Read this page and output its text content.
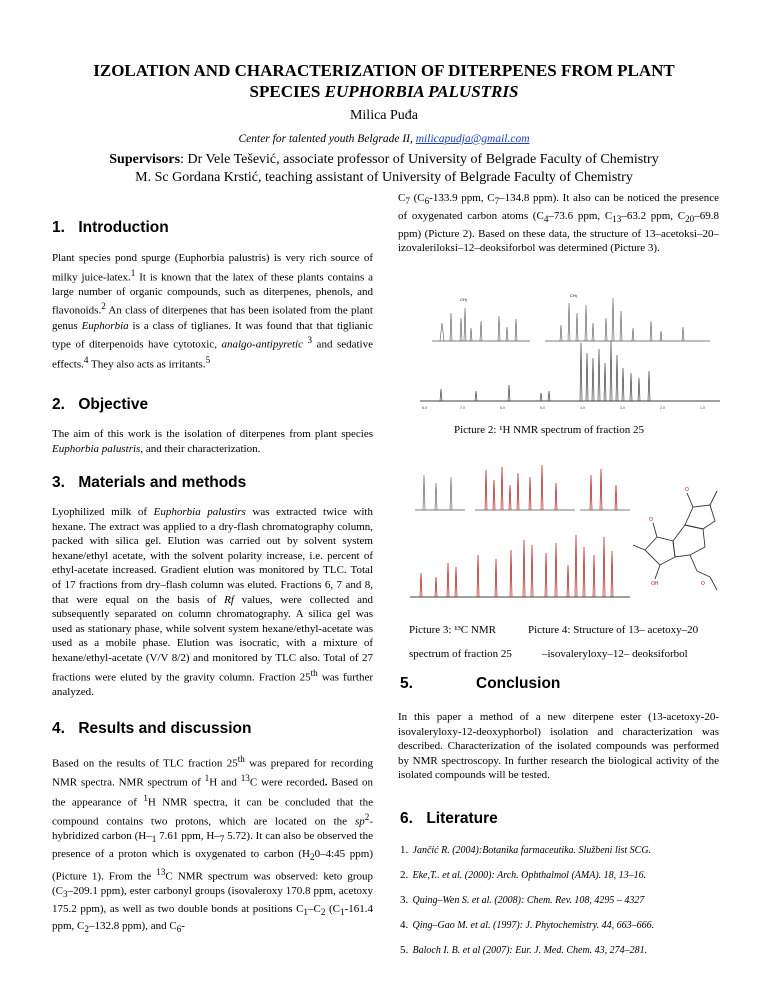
IZOLATION AND CHARACTERIZATION OF DITERPENES FROM PLANT
SPECIES EUPHORBIA PALUSTRIS
Milica Puđa
Center for talented youth Belgrade II, milicapudja@gmail.com
Supervisors: Dr Vele Tešević, associate professor of University of Belgrade Faculty of Chemistry
M. Sc Gordana Krstić, teaching assistant of University of Belgrade Faculty of Chemistry
1. Introduction

Plant species pond spurge (Euphorbia palustris) is very rich source of milky juice-latex.$^1$ It is known that the latex of these plants contains a large number of organic compounds, such as diterpenes, phenols, and flavonoids.$^2$ An class of diterpenes that has been isolated from the plant genus Euphorbia is a class of tiglianes. It was found that that tiglianic type of diterpenoids have cytotoxic, analgo-antipyretic $^3$ and sedative effects.$^4$ They also acts as irritants.$^5$

2. Objective

The aim of this work is the isolation of diterpenes from plant species Euphorbia palustris, and their characterization.

3. Materials and methods

Lyophilized milk of Euphorbia palustirs was extracted twice with hexane. The extract was applied to a dry-flash chromatography column, packed with silica gel. Elution was carried out by solvent system hexane/ethyl acetate, with the solvent polarity increase, i.e. percent of ethyl-acetate increased. Gradient elution was monitored by TLC. Total of 17 fractions from dry–flash column was eluted. Fractions 6, 7 and 8, that were equal on the basis of Rf values, were collected and subsequently separated on column chromatography. A silica gel was used as stationary phase, while solvent system hexane/ethyl-acetate was used as a mobile phase. Elution was isocratic, with a mixture of hexane/ethyl-acetate (V/V 8/2) and monitored by TLC also. Total of 27 fractions were eluted by the gravity column. Fraction 25th was further analyzed.

4. Results and discussion

Based on the results of TLC fraction 25th was prepared for recording NMR spectra. NMR spectrum of $^1$H and $^{13}$C were recorded. Based on the appearance of $^1$H NMR spectra, it can be concluded that the compound contains two protons, which are located on the $sp^2$-hybridized carbon ($H-_1$ 7.61 ppm, $H-_7$ 5.72). It can also be observed the presence of a proton which is oxygenated to carbon ($H_20-4:45$ ppm) (Picture 1). From the $^{13}$C NMR spectrum was observed: keto group ($C_3-209.1$ ppm), ester carbonyl groups (isovaleroxy 170.8 ppm, acetoxy 175.2 ppm), as well as two double bonds at positions $C_1-C_2$ ($C_1-161.4$ ppm, $C_2-132.8$ ppm), and $C_6-$

$C_7$ ($C_6-133.9$ ppm, $C_7-134.8$ ppm). It also can be noticed the presence of oxygenated carbon atoms ($C_4-73.6$ ppm, $C_{13}-63.2$ ppm, $C_{20}-69.8$ ppm) (Picture 2). Based on these data, the structure of 13–acetoksi–20–izovaleriloksi–12–deoksiforbol was determined (Picture 3).

CH₃
CH₃
8.0	7.0	6.0	5.0	4.0	3.0	2.0	1.0
Picture 2: ¹H NMR spectrum of fraction 25
O
O
O
OH
Picture 3: ¹³C NMR
spectrum of fraction 25
Picture 4: Structure of 13– acetoxy–20
–isovaleryloxy–12– deoksiforbol
5.	Conclusion

In this paper a method of a new diterpene ester (13-acetoxy-20-isovaleryloxy-12-deoxyphorbol) isolation and characterization was described. Characterization of the isolated compounds was performed by NMR spectroscopy. In further research the biological activity of the isolated compounds will be tested.

6. Literature
1. Jančić R. (2004):Botanika farmaceutika. Službeni list SCG.
2. Eke,T.. et al. (2000): Arch. Ophthalmol (AMA). 18, 13–16.
3. Quing–Wen S. et al. (2008): Chem. Rev. 108, 4295 – 4327
4. Qing–Gao M. et al. (1997): J. Phytochemistry. 44, 663–666.
5. Baloch I. B. et al (2007): Eur. J. Med. Chem. 43, 274–281.
